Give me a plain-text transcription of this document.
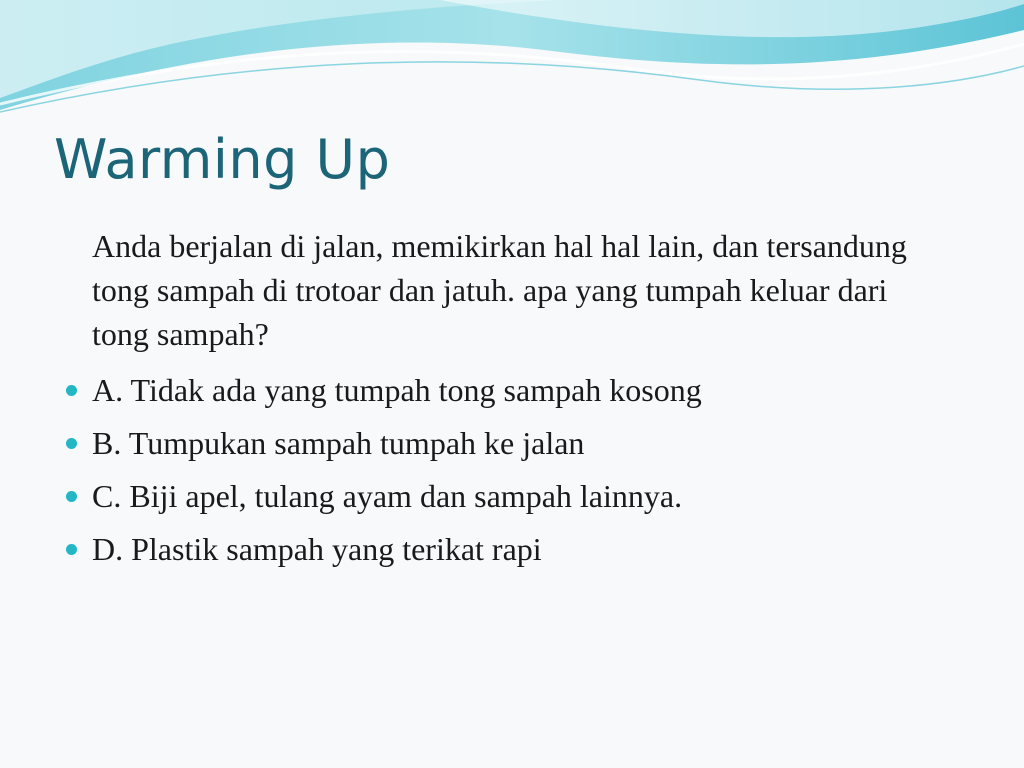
Warming Up

Anda berjalan di jalan, memikirkan hal hal lain, dan tersandung tong sampah di trotoar dan jatuh. apa yang tumpah keluar dari tong sampah?

A. Tidak ada yang tumpah tong sampah kosong
B. Tumpukan sampah tumpah ke jalan
C. Biji apel, tulang ayam dan sampah lainnya.
D. Plastik sampah yang terikat rapi
